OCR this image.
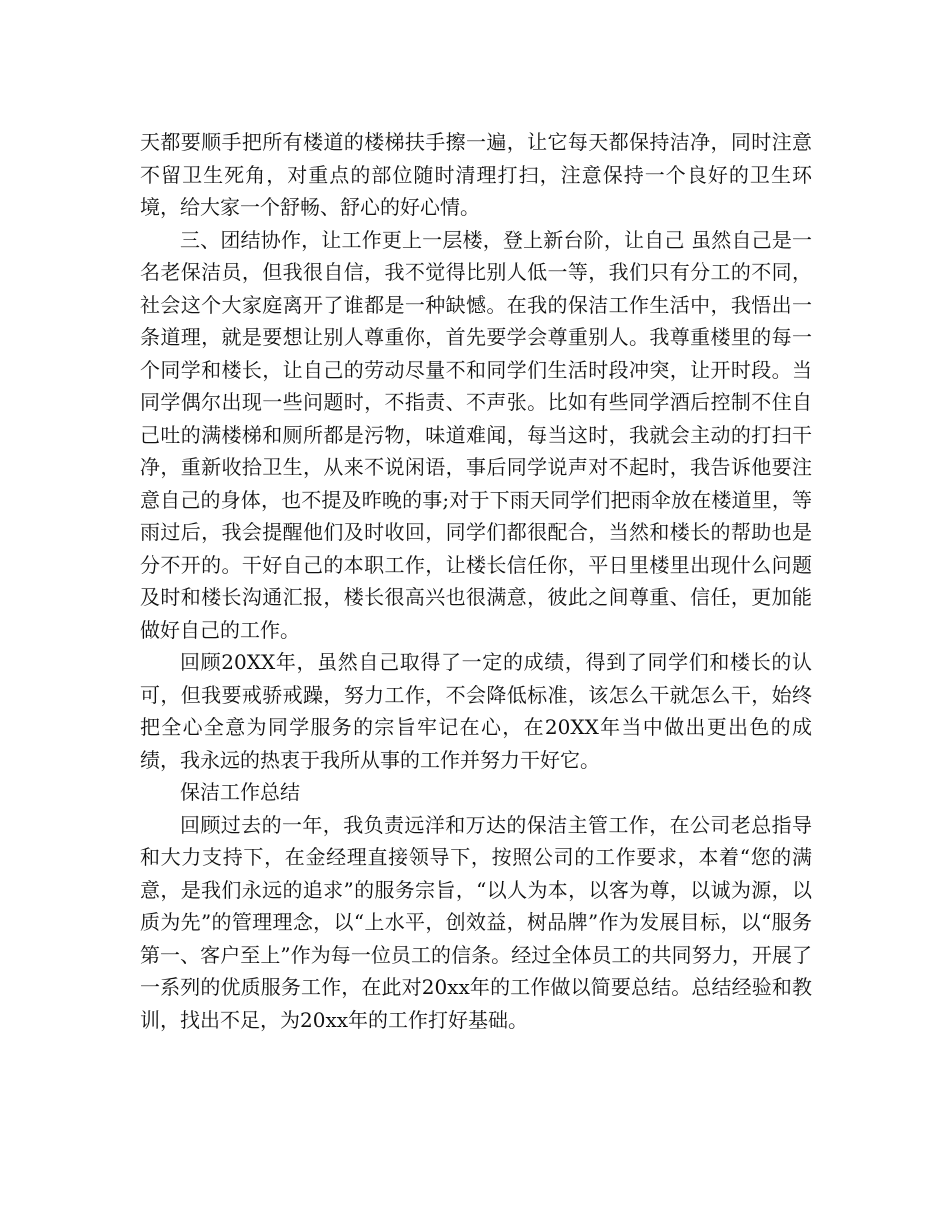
天都要顺手把所有楼道的楼梯扶手擦一遍，让它每天都保持洁净，同时注意不留卫生死角，对重点的部位随时清理打扫，注意保持一个良好的卫生环境，给大家一个舒畅、舒心的好心情。

三、团结协作，让工作更上一层楼，登上新台阶，让自己 虽然自己是一名老保洁员，但我很自信，我不觉得比别人低一等，我们只有分工的不同，社会这个大家庭离开了谁都是一种缺憾。在我的保洁工作生活中，我悟出一条道理，就是要想让别人尊重你，首先要学会尊重别人。我尊重楼里的每一个同学和楼长，让自己的劳动尽量不和同学们生活时段冲突，让开时段。当同学偶尔出现一些问题时，不指责、不声张。比如有些同学酒后控制不住自己吐的满楼梯和厕所都是污物，味道难闻，每当这时，我就会主动的打扫干净，重新收拾卫生，从来不说闲语，事后同学说声对不起时，我告诉他要注意自己的身体，也不提及昨晚的事;对于下雨天同学们把雨伞放在楼道里，等雨过后，我会提醒他们及时收回，同学们都很配合，当然和楼长的帮助也是分不开的。干好自己的本职工作，让楼长信任你，平日里楼里出现什么问题及时和楼长沟通汇报，楼长很高兴也很满意，彼此之间尊重、信任，更加能做好自己的工作。

回顾20XX年，虽然自己取得了一定的成绩，得到了同学们和楼长的认可，但我要戒骄戒躁，努力工作，不会降低标准，该怎么干就怎么干，始终把全心全意为同学服务的宗旨牢记在心，在20XX年当中做出更出色的成绩，我永远的热衷于我所从事的工作并努力干好它。

保洁工作总结

回顾过去的一年，我负责远洋和万达的保洁主管工作，在公司老总指导和大力支持下，在金经理直接领导下，按照公司的工作要求，本着“您的满意，是我们永远的追求”的服务宗旨，“以人为本，以客为尊，以诚为源，以质为先”的管理理念，以“上水平，创效益，树品牌”作为发展目标，以“服务第一、客户至上”作为每一位员工的信条。经过全体员工的共同努力，开展了一系列的优质服务工作，在此对20xx年的工作做以简要总结。总结经验和教训，找出不足，为20xx年的工作打好基础。
